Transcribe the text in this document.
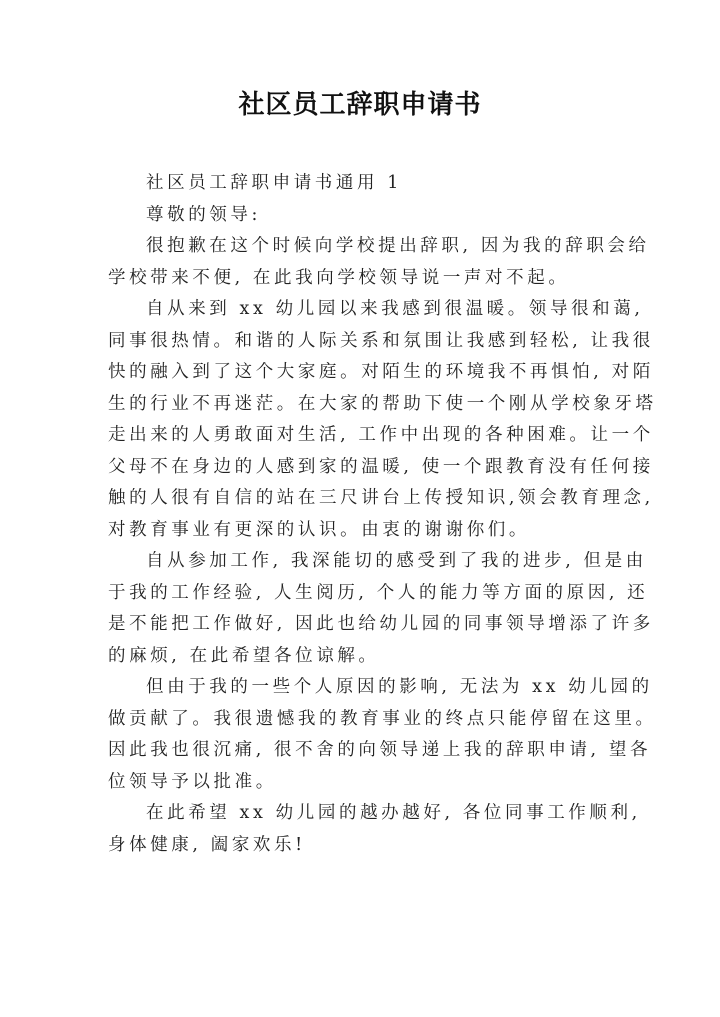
社区员工辞职申请书
社区员工辞职申请书通用 1
尊敬的领导:
很抱歉在这个时候向学校提出辞职, 因为我的辞职会给
学校带来不便, 在此我向学校领导说一声对不起。
自从来到 xx 幼儿园以来我感到很温暖。领导很和蔼,
同事很热情。和谐的人际关系和氛围让我感到轻松, 让我很
快的融入到了这个大家庭。对陌生的环境我不再惧怕, 对陌
生的行业不再迷茫。在大家的帮助下使一个刚从学校象牙塔
走出来的人勇敢面对生活, 工作中出现的各种困难。让一个
父母不在身边的人感到家的温暖, 使一个跟教育没有任何接
触的人很有自信的站在三尺讲台上传授知识,领会教育理念,
对教育事业有更深的认识。由衷的谢谢你们。
自从参加工作, 我深能切的感受到了我的进步, 但是由
于我的工作经验, 人生阅历, 个人的能力等方面的原因, 还
是不能把工作做好, 因此也给幼儿园的同事领导增添了许多
的麻烦, 在此希望各位谅解。
但由于我的一些个人原因的影响, 无法为 xx 幼儿园的
做贡献了。我很遗憾我的教育事业的终点只能停留在这里。
因此我也很沉痛, 很不舍的向领导递上我的辞职申请, 望各
位领导予以批准。
在此希望 xx 幼儿园的越办越好, 各位同事工作顺利,
身体健康, 阖家欢乐!
